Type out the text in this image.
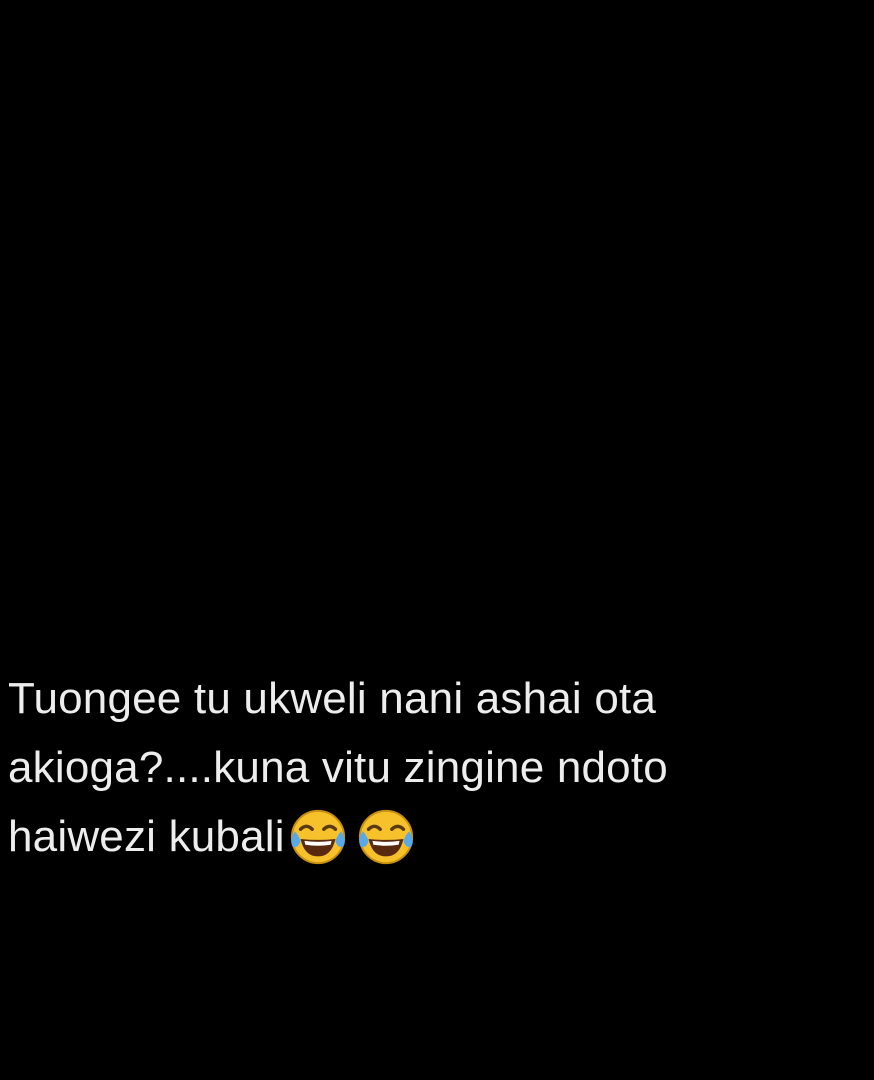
Tuongee tu ukweli nani ashai ota
akioga?....kuna vitu zingine ndoto
haiwezi kubali
